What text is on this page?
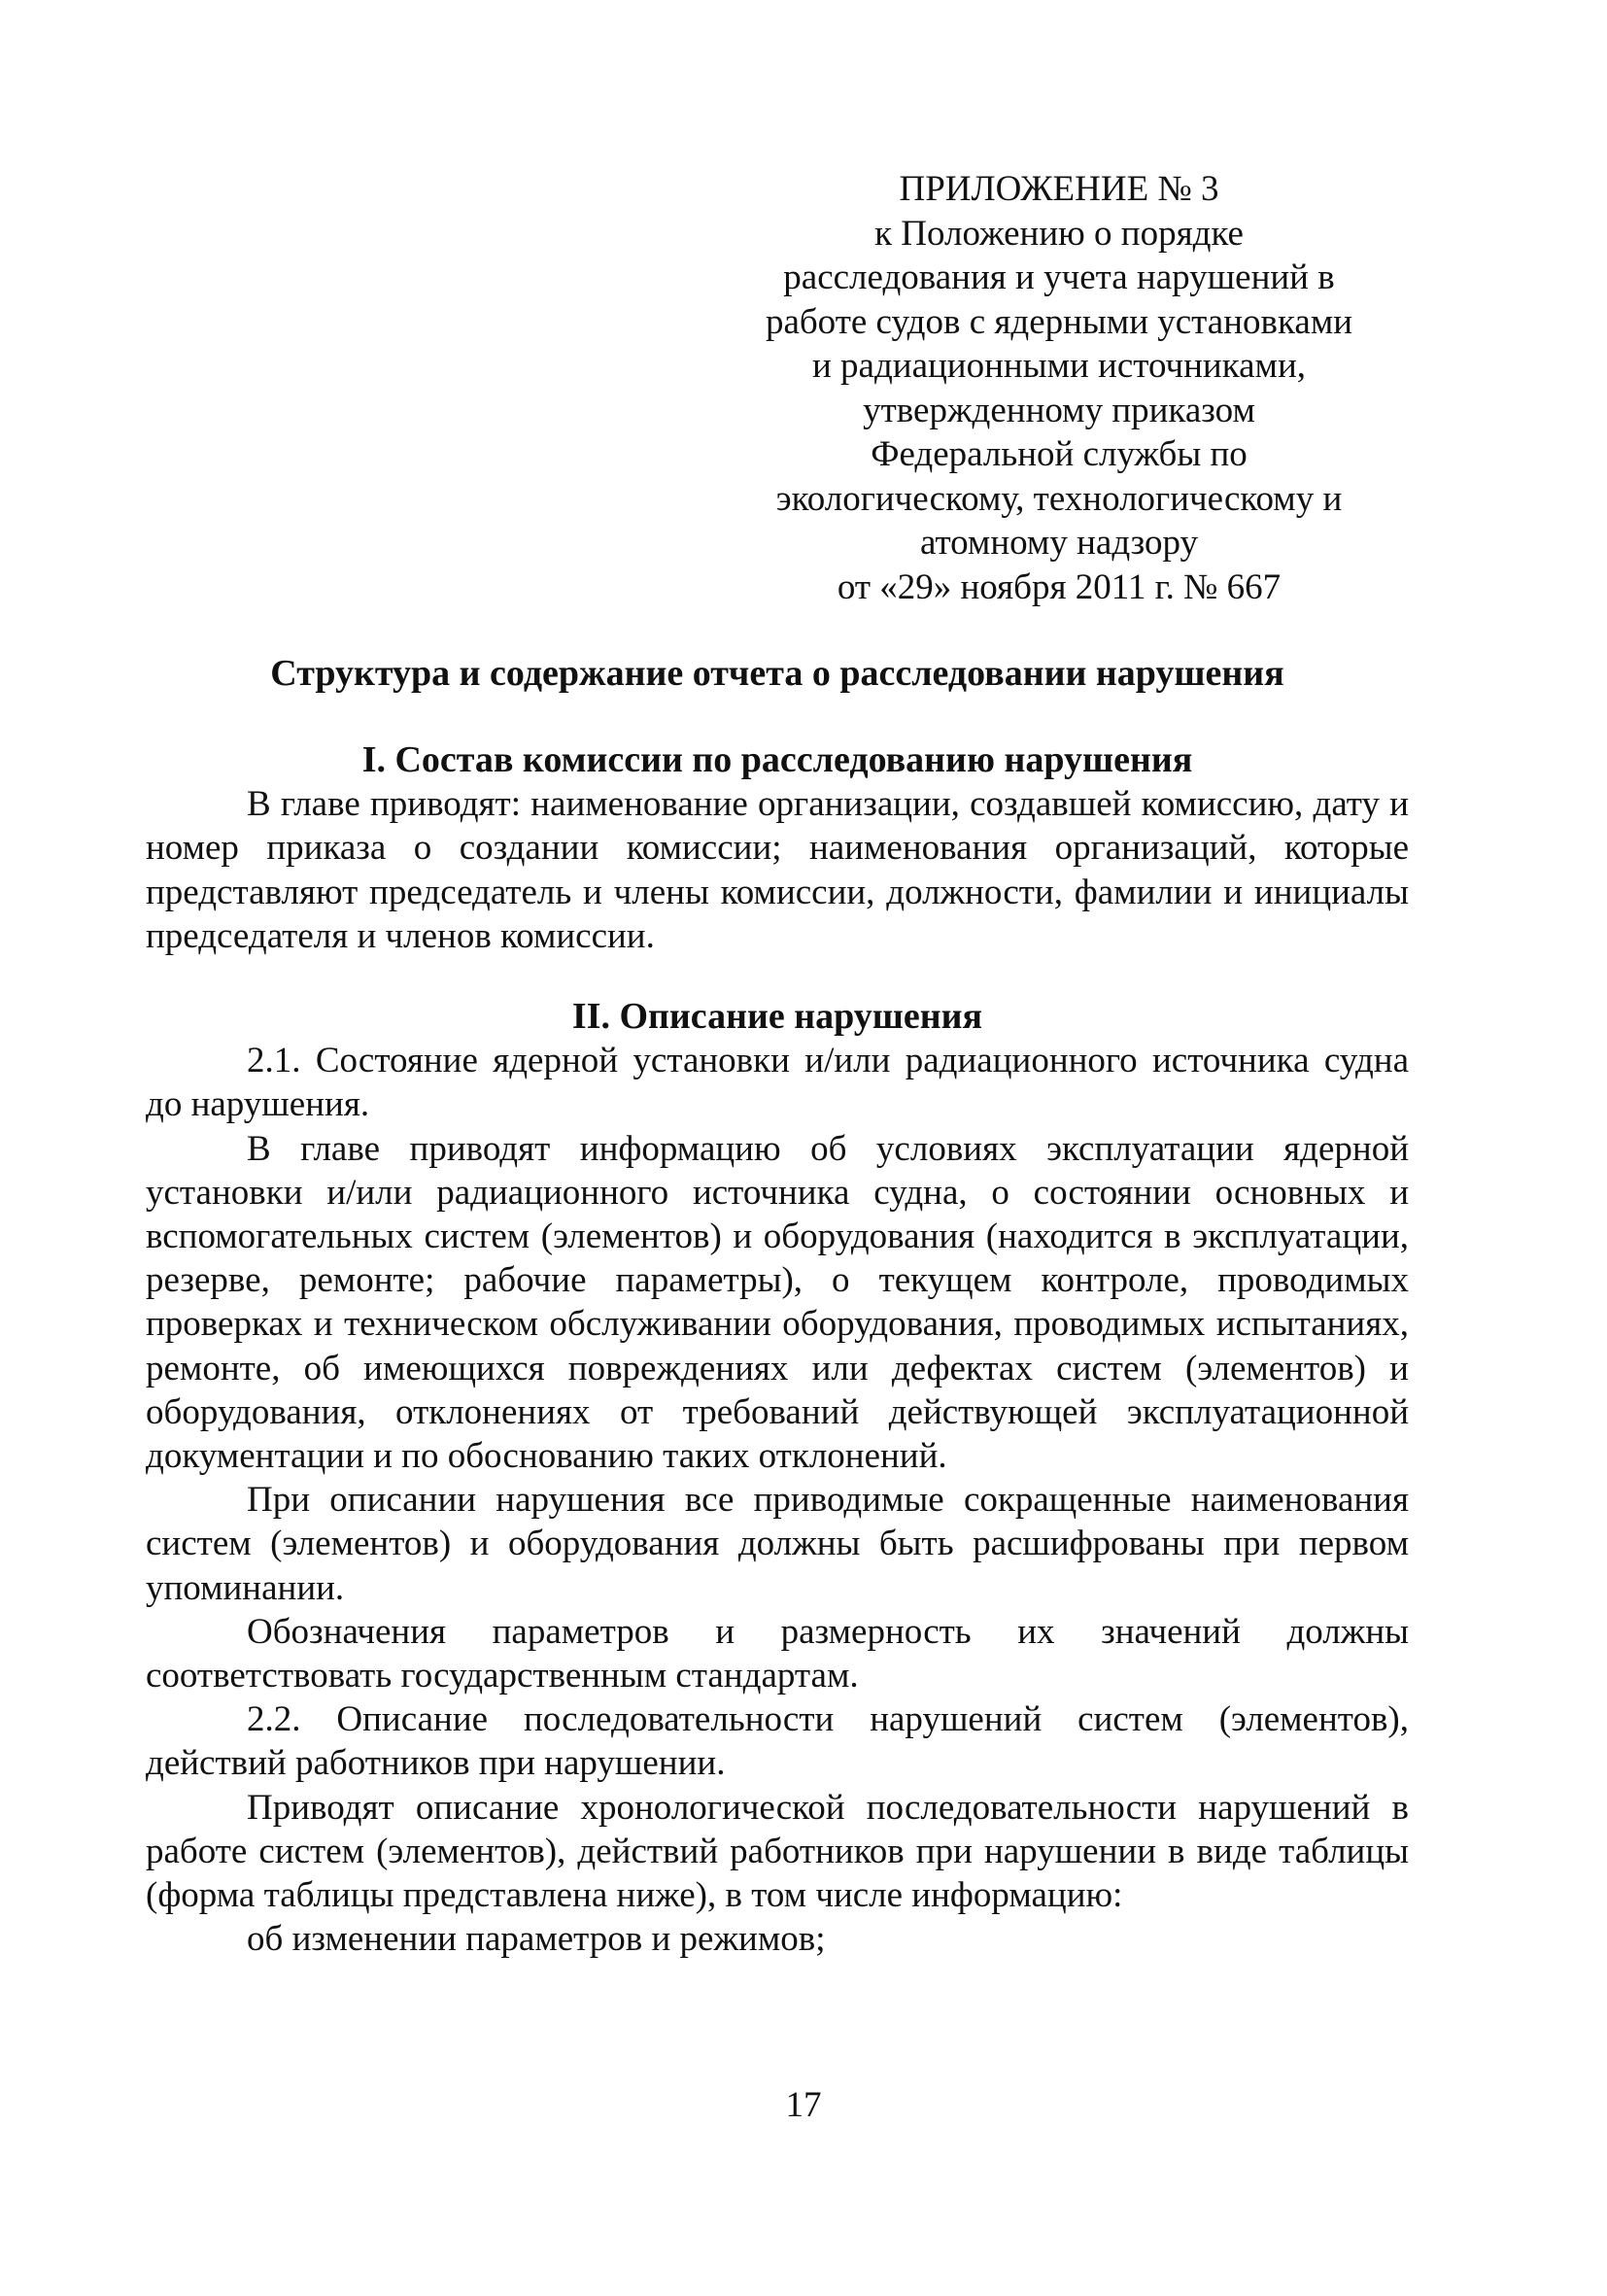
ПРИЛОЖЕНИЕ № 3
к Положению о порядке
расследования и учета нарушений в
работе судов с ядерными установками
и радиационными источниками,
утвержденному приказом
Федеральной службы по
экологическому, технологическому и
атомному надзору
от «29» ноября 2011 г. № 667
Структура и содержание отчета о расследовании нарушения

I. Состав комиссии по расследованию нарушения

В главе приводят: наименование организации, создавшей комиссию, дату и номер приказа о создании комиссии; наименования организаций, которые представляют председатель и члены комиссии, должности, фамилии и инициалы председателя и членов комиссии.

II. Описание нарушения

2.1. Состояние ядерной установки и/или радиационного источника судна до нарушения.

В главе приводят информацию об условиях эксплуатации ядерной установки и/или радиационного источника судна, о состоянии основных и вспомогательных систем (элементов) и оборудования (находится в эксплуатации, резерве, ремонте; рабочие параметры), о текущем контроле, проводимых проверках и техническом обслуживании оборудования, проводимых испытаниях, ремонте, об имеющихся повреждениях или дефектах систем (элементов) и оборудования, отклонениях от требований действующей эксплуатационной документации и по обоснованию таких отклонений.

При описании нарушения все приводимые сокращенные наименования систем (элементов) и оборудования должны быть расшифрованы при первом упоминании.

Обозначения параметров и размерность их значений должны соответствовать государственным стандартам.

2.2. Описание последовательности нарушений систем (элементов), действий работников при нарушении.

Приводят описание хронологической последовательности нарушений в работе систем (элементов), действий работников при нарушении в виде таблицы (форма таблицы представлена ниже), в том числе информацию:

об изменении параметров и режимов;

17
